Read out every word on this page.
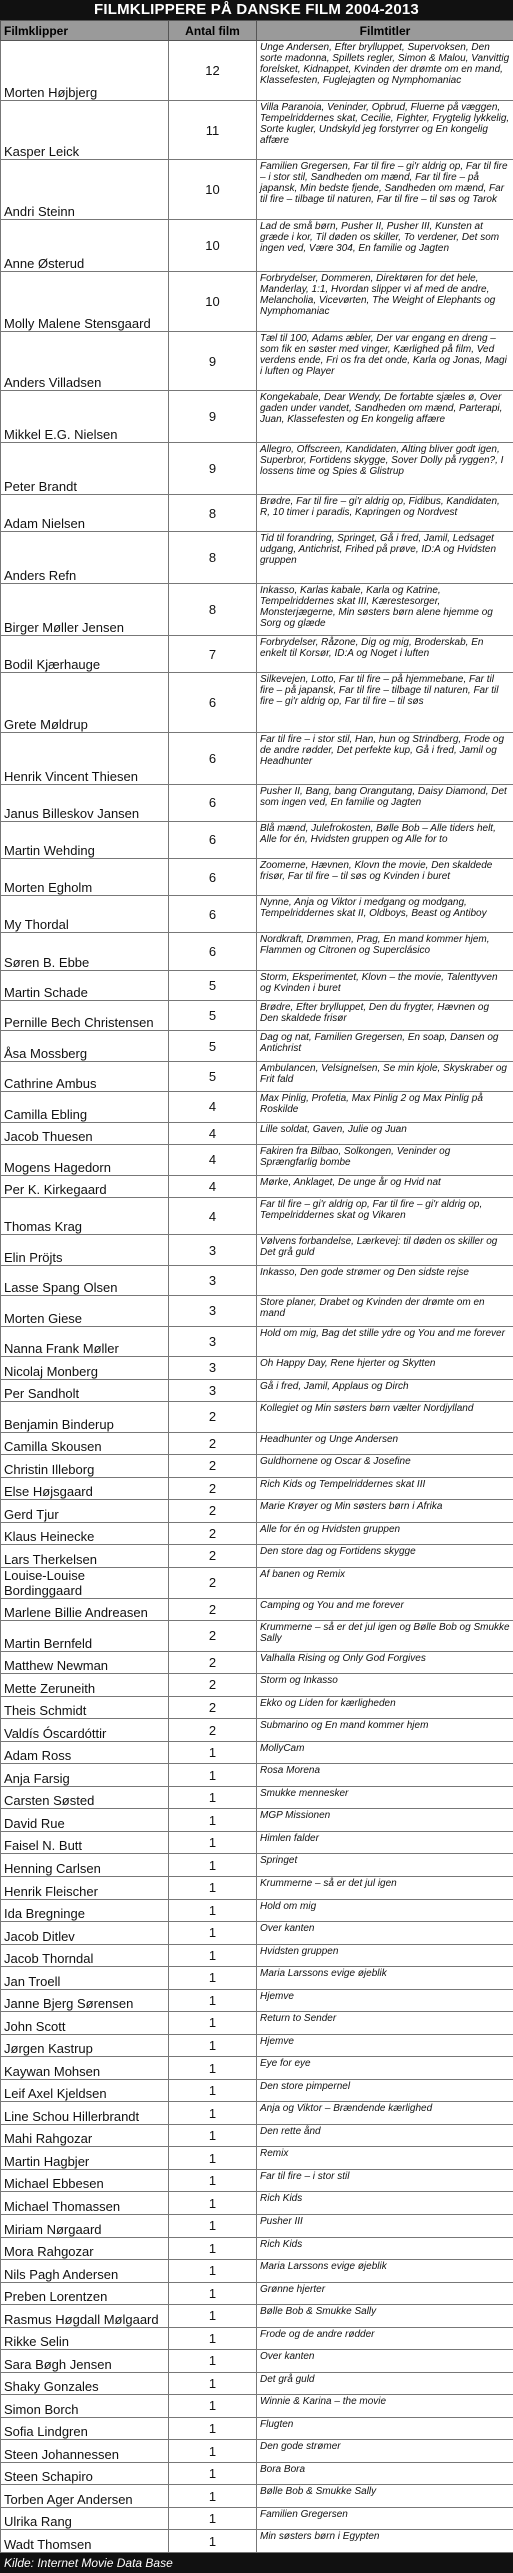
FILMKLIPPERE PÅ DANSKE FILM 2004-2013
Filmklipper	Antal film	Filmtitler
Morten Højbjerg	12	Unge Andersen, Efter brylluppet, Supervoksen, Den sorte madonna, Spillets regler, Simon & Malou, Vanvittig forelsket, Kidnappet, Kvinden der drømte om en mand, Klassefesten, Fuglejagten og Nymphomaniac
Kasper Leick	11	Villa Paranoia, Veninder, Opbrud, Fluerne på væggen, Tempelriddernes skat, Cecilie, Fighter, Frygtelig lykkelig, Sorte kugler, Undskyld jeg forstyrrer og En kongelig affære
Andri Steinn	10	Familien Gregersen, Far til fire – gi'r aldrig op, Far til fire – i stor stil, Sandheden om mænd, Far til fire – på japansk, Min bedste fjende, Sandheden om mænd, Far til fire – tilbage til naturen, Far til fire – til søs og Tarok
Anne Østerud	10	Lad de små børn, Pusher II, Pusher III, Kunsten at græde i kor, Til døden os skiller, To verdener, Det som ingen ved, Være 304, En familie og Jagten
Molly Malene Stensgaard	10	Forbrydelser, Dommeren, Direktøren for det hele, Manderlay, 1:1, Hvordan slipper vi af med de andre, Melancholia, Vicevørten, The Weight of Elephants og Nymphomaniac
Anders Villadsen	9	Tæl til 100, Adams æbler, Der var engang en dreng – som fik en søster med vinger, Kærlighed på film, Ved verdens ende, Fri os fra det onde, Karla og Jonas, Magi i luften og Player
Mikkel E.G. Nielsen	9	Kongekabale, Dear Wendy, De fortabte sjæles ø, Over gaden under vandet, Sandheden om mænd, Parterapi, Juan, Klassefesten og En kongelig affære
Peter Brandt	9	Allegro, Offscreen, Kandidaten, Alting bliver godt igen, Superbror, Fortidens skygge, Sover Dolly på ryggen?, I lossens time og Spies & Glistrup
Adam Nielsen	8	Brødre, Far til fire – gi'r aldrig op, Fidibus, Kandidaten, R, 10 timer i paradis, Kapringen og Nordvest
Anders Refn	8	Tid til forandring, Springet, Gå i fred, Jamil, Ledsaget udgang, Antichrist, Frihed på prøve, ID:A og Hvidsten gruppen
Birger Møller Jensen	8	Inkasso, Karlas kabale, Karla og Katrine, Tempelriddernes skat III, Kærestesorger, Monsterjægerne, Min søsters børn alene hjemme og Sorg og glæde
Bodil Kjærhauge	7	Forbrydelser, Råzone, Dig og mig, Broderskab, En enkelt til Korsør, ID:A og Noget i luften
Grete Møldrup	6	Silkevejen, Lotto, Far til fire – på hjemmebane, Far til fire – på japansk, Far til fire – tilbage til naturen, Far til fire – gi'r aldrig op, Far til fire – til søs
Henrik Vincent Thiesen	6	Far til fire – i stor stil, Han, hun og Strindberg, Frode og de andre rødder, Det perfekte kup, Gå i fred, Jamil og Headhunter
Janus Billeskov Jansen	6	Pusher II, Bang, bang Orangutang, Daisy Diamond, Det som ingen ved, En familie og Jagten
Martin Wehding	6	Blå mænd, Julefrokosten, Bølle Bob – Alle tiders helt, Alle for én, Hvidsten gruppen og Alle for to
Morten Egholm	6	Zoomerne, Hævnen, Klovn the movie, Den skaldede frisør, Far til fire – til søs og Kvinden i buret
My Thordal	6	Nynne, Anja og Viktor i medgang og modgang, Tempelriddernes skat II, Oldboys, Beast og Antiboy
Søren B. Ebbe	6	Nordkraft, Drømmen, Prag, En mand kommer hjem, Flammen og Citronen og Superclásico
Martin Schade	5	Storm, Eksperimentet, Klovn – the movie, Talenttyven og Kvinden i buret
Pernille Bech Christensen	5	Brødre, Efter brylluppet, Den du frygter, Hævnen og Den skaldede frisør
Åsa Mossberg	5	Dag og nat, Familien Gregersen, En soap, Dansen og Antichrist
Cathrine Ambus	5	Ambulancen, Velsignelsen, Se min kjole, Skyskraber og Frit fald
Camilla Ebling	4	Max Pinlig, Profetia, Max Pinlig 2 og Max Pinlig på Roskilde
Jacob Thuesen	4	Lille soldat, Gaven, Julie og Juan
Mogens Hagedorn	4	Fakiren fra Bilbao, Solkongen, Veninder og Sprængfarlig bombe
Per K. Kirkegaard	4	Mørke, Anklaget, De unge år og Hvid nat
Thomas Krag	4	Far til fire – gi'r aldrig op, Far til fire – gi'r aldrig op, Tempelriddernes skat og Vikaren
Elin Pröjts	3	Vølvens forbandelse, Lærkevej: til døden os skiller og Det grå guld
Lasse Spang Olsen	3	Inkasso, Den gode strømer og Den sidste rejse
Morten Giese	3	Store planer, Drabet og Kvinden der drømte om en mand
Nanna Frank Møller	3	Hold om mig, Bag det stille ydre og You and me forever
Nicolaj Monberg	3	Oh Happy Day, Rene hjerter og Skytten
Per Sandholt	3	Gå i fred, Jamil, Applaus og Dirch
Benjamin Binderup	2	Kollegiet og Min søsters børn vælter Nordjylland
Camilla Skousen	2	Headhunter og Unge Andersen
Christin Illeborg	2	Guldhornene og Oscar & Josefine
Else Højsgaard	2	Rich Kids og Tempelriddernes skat III
Gerd Tjur	2	Marie Krøyer og Min søsters børn i Afrika
Klaus Heinecke	2	Alle for én og Hvidsten gruppen
Lars Therkelsen	2	Den store dag og Fortidens skygge
Louise-Louise Bordinggaard	2	Af banen og Remix
Marlene Billie Andreasen	2	Camping og You and me forever
Martin Bernfeld	2	Krummerne – så er det jul igen og Bølle Bob og Smukke Sally
Matthew Newman	2	Valhalla Rising og Only God Forgives
Mette Zeruneith	2	Storm og Inkasso
Theis Schmidt	2	Ekko og Liden for kærligheden
Valdís Óscardóttir	2	Submarino og En mand kommer hjem
Adam Ross	1	MollyCam
Anja Farsig	1	Rosa Morena
Carsten Søsted	1	Smukke mennesker
David Rue	1	MGP Missionen
Faisel N. Butt	1	Himlen falder
Henning Carlsen	1	Springet
Henrik Fleischer	1	Krummerne – så er det jul igen
Ida Bregninge	1	Hold om mig
Jacob Ditlev	1	Over kanten
Jacob Thorndal	1	Hvidsten gruppen
Jan Troell	1	Maria Larssons evige øjeblik
Janne Bjerg Sørensen	1	Hjemve
John Scott	1	Return to Sender
Jørgen Kastrup	1	Hjemve
Kaywan Mohsen	1	Eye for eye
Leif Axel Kjeldsen	1	Den store pimpernel
Line Schou Hillerbrandt	1	Anja og Viktor – Brændende kærlighed
Mahi Rahgozar	1	Den rette ånd
Martin Hagbjer	1	Remix
Michael Ebbesen	1	Far til fire – i stor stil
Michael Thomassen	1	Rich Kids
Miriam Nørgaard	1	Pusher III
Mora Rahgozar	1	Rich Kids
Nils Pagh Andersen	1	Maria Larssons evige øjeblik
Preben Lorentzen	1	Grønne hjerter
Rasmus Høgdall Mølgaard	1	Bølle Bob & Smukke Sally
Rikke Selin	1	Frode og de andre rødder
Sara Bøgh Jensen	1	Over kanten
Shaky Gonzales	1	Det grå guld
Simon Borch	1	Winnie & Karina – the movie
Sofia Lindgren	1	Flugten
Steen Johannessen	1	Den gode strømer
Steen Schapiro	1	Bora Bora
Torben Ager Andersen	1	Bølle Bob & Smukke Sally
Ulrika Rang	1	Familien Gregersen
Wadt Thomsen	1	Min søsters børn i Egypten
Kilde: Internet Movie Data Base
